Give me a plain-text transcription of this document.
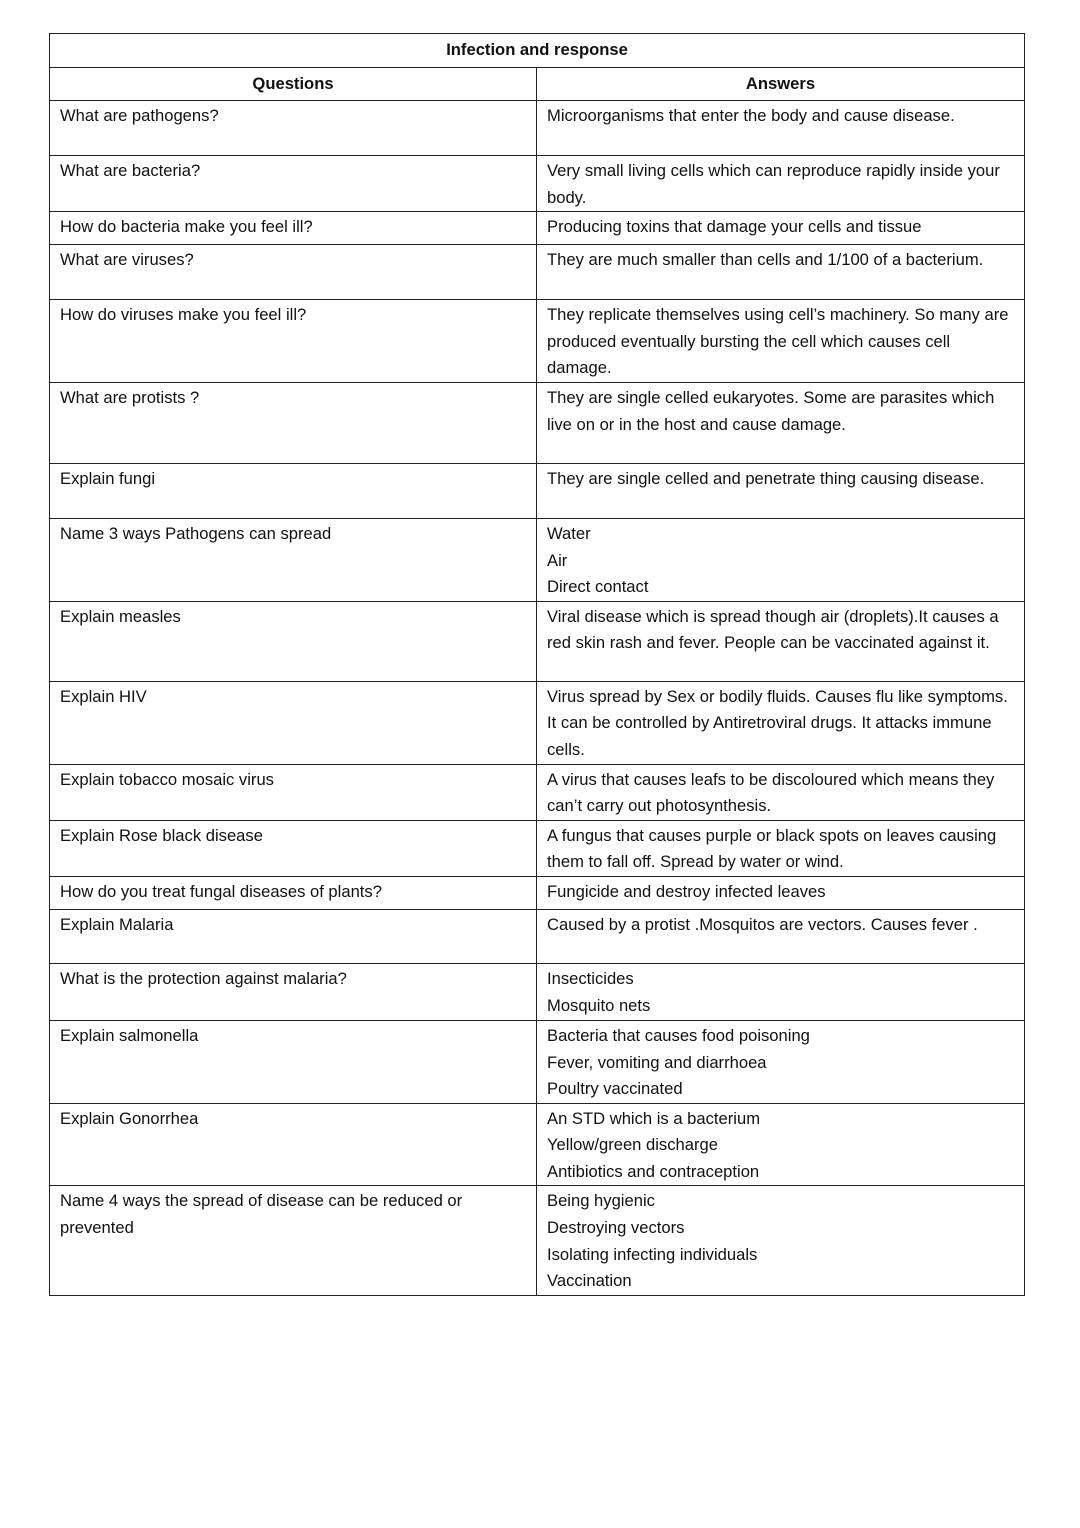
Infection and response	
Questions	Answers
What are pathogens?	Microorganisms that enter the body and cause disease.

What are bacteria?	Very small living cells which can reproduce rapidly inside your body.

How do bacteria make you feel ill?	Producing toxins that damage your cells and tissue

What are viruses?	They are much smaller than cells and 1/100 of a bacterium.

How do viruses make you feel ill?	They replicate themselves using cell’s machinery. So many are produced eventually bursting the cell which causes cell damage.

What are protists ?	They are single celled eukaryotes. Some are parasites which live on or in the host and cause damage.

Explain fungi	They are single celled and penetrate thing causing disease.

Name 3 ways Pathogens can spread	Water
Air
Direct contact

Explain measles	Viral disease which is spread though air (droplets).It causes a red skin rash and fever. People can be vaccinated against it.

Explain HIV	Virus spread by Sex or bodily fluids. Causes flu like symptoms. It can be controlled by Antiretroviral drugs. It attacks immune cells.

Explain tobacco mosaic virus	A virus that causes leafs to be discoloured which means they can’t carry out photosynthesis.

Explain Rose black disease	A fungus that causes purple or black spots on leaves causing them to fall off. Spread by water or wind.

How do you treat fungal diseases of plants?	Fungicide and destroy infected leaves

Explain Malaria	Caused by a protist .Mosquitos are vectors. Causes fever .

What is the protection against malaria?	Insecticides
Mosquito nets

Explain salmonella	Bacteria that causes food poisoning
Fever, vomiting and diarrhoea
Poultry vaccinated

Explain Gonorrhea	An STD which is a bacterium
Yellow/green discharge
Antibiotics and contraception

Name 4 ways the spread of disease can be reduced or prevented	Being hygienic
Destroying vectors
Isolating infecting individuals
Vaccination
